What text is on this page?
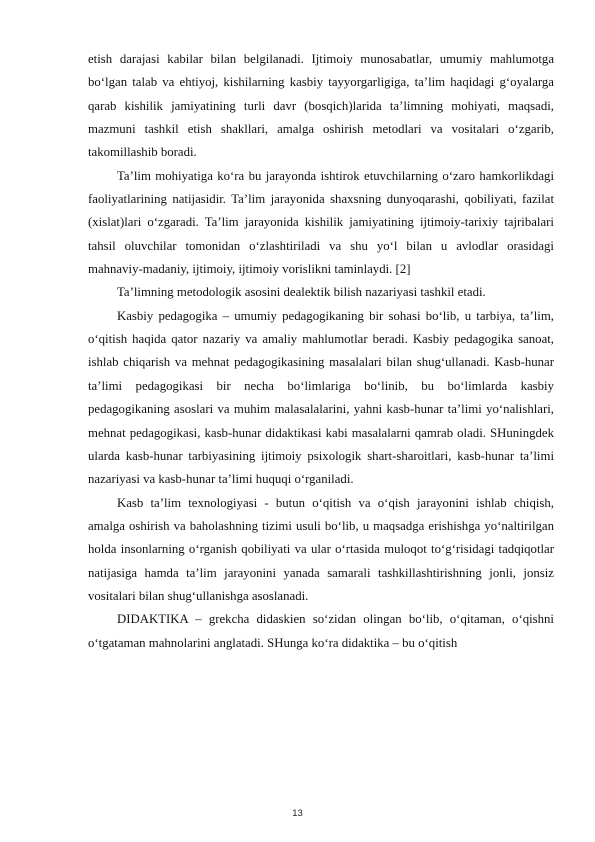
etish darajasi kabilar bilan belgilanadi. Ijtimoiy munosabatlar, umumiy mahlumotga bo‘lgan talab va ehtiyoj, kishilarning kasbiy tayyorgarligiga, ta’lim haqidagi g‘oyalarga qarab kishilik jamiyatining turli davr (bosqich)larida ta’limning mohiyati, maqsadi, mazmuni tashkil etish shakllari, amalga oshirish metodlari va vositalari o‘zgarib, takomillashib boradi.

Ta’lim mohiyatiga ko‘ra bu jarayonda ishtirok etuvchilarning o‘zaro hamkorlikdagi faoliyatlarining natijasidir. Ta’lim jarayonida shaxsning dunyoqarashi, qobiliyati, fazilat (xislat)lari o‘zgaradi. Ta’lim jarayonida kishilik jamiyatining ijtimoiy-tarixiy tajribalari tahsil oluvchilar tomonidan o‘zlashtiriladi va shu yo‘l bilan u avlodlar orasidagi mahnaviy-madaniy, ijtimoiy, ijtimoiy vorislikni taminlaydi. [2]

Ta’limning metodologik asosini dealektik bilish nazariyasi tashkil etadi.

Kasbiy pedagogika – umumiy pedagogikaning bir sohasi bo‘lib, u tarbiya, ta’lim, o‘qitish haqida qator nazariy va amaliy mahlumotlar beradi. Kasbiy pedagogika sanoat, ishlab chiqarish va mehnat pedagogikasining masalalari bilan shug‘ullanadi. Kasb-hunar ta’limi pedagogikasi bir necha bo‘limlariga bo‘linib, bu bo‘limlarda kasbiy pedagogikaning asoslari va muhim malasalalarini, yahni kasb-hunar ta’limi yo‘nalishlari, mehnat pedagogikasi, kasb-hunar didaktikasi kabi masalalarni qamrab oladi. SHuningdek ularda kasb-hunar tarbiyasining ijtimoiy psixologik shart-sharoitlari, kasb-hunar ta’limi nazariyasi va kasb-hunar ta’limi huquqi o‘rganiladi.

Kasb ta’lim texnologiyasi - butun o‘qitish va o‘qish jarayonini ishlab chiqish, amalga oshirish va baholashning tizimi usuli bo‘lib, u maqsadga erishishga yo‘naltirilgan holda insonlarning o‘rganish qobiliyati va ular o‘rtasida muloqot to‘g‘risidagi tadqiqotlar natijasiga hamda ta’lim jarayonini yanada samarali tashkillashtirishning jonli, jonsiz vositalari bilan shug‘ullanishga asoslanadi.

DIDAKTIKA – grekcha didaskien so‘zidan olingan bo‘lib, o‘qitaman, o‘qishni o‘tgataman mahnolarini anglatadi. SHunga ko‘ra didaktika – bu o‘qitish

13
